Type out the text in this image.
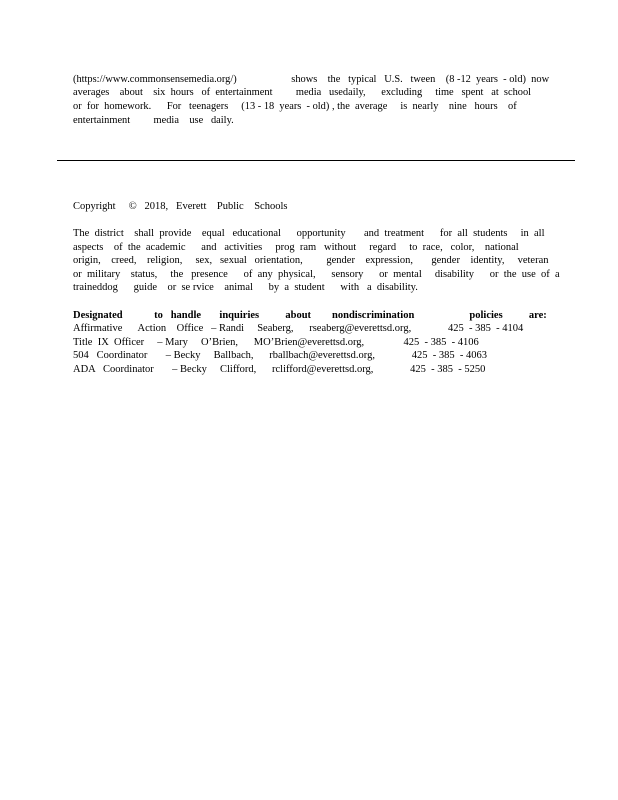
(https://www.commonsensemedia.org/)                     shows    the   typical   U.S.   tween    (8 -12  years  - old)  now
averages    about    six  hours   of  entertainment         media   usedaily,      excluding     time   spent   at  school
or  for  homework.      For   teenagers     (13 - 18  years  - old) , the  average     is  nearly    nine   hours    of
entertainment         media    use   daily.
Copyright     ©   2018,   Everett    Public    Schools
The  district    shall  provide    equal   educational      opportunity       and  treatment      for  all  students     in  all
aspects    of  the  academic      and   activities     prog  ram   without     regard     to  race,   color,    national
origin,    creed,    religion,     sex,   sexual   orientation,         gender    expression,       gender    identity,     veteran
or  military    status,     the   presence      of  any  physical,      sensory      or  mental     disability      or  the  use  of  a
traineddog      guide    or  se rvice    animal      by  a  student      with   a  disability.
Designated            to   handle       inquiries          about        nondiscrimination                     policies          are:
Affirmative      Action    Office   – Randi     Seaberg,      rseaberg@everettsd.org,              425  - 385  - 4104
Title  IX  Officer     – Mary     O’Brien,      MO’Brien@everettsd.org,               425  - 385  - 4106
504   Coordinator       – Becky     Ballbach,      rballbach@everettsd.org,              425  - 385  - 4063
ADA   Coordinator       – Becky     Clifford,      rclifford@everettsd.org,              425  - 385  - 5250
